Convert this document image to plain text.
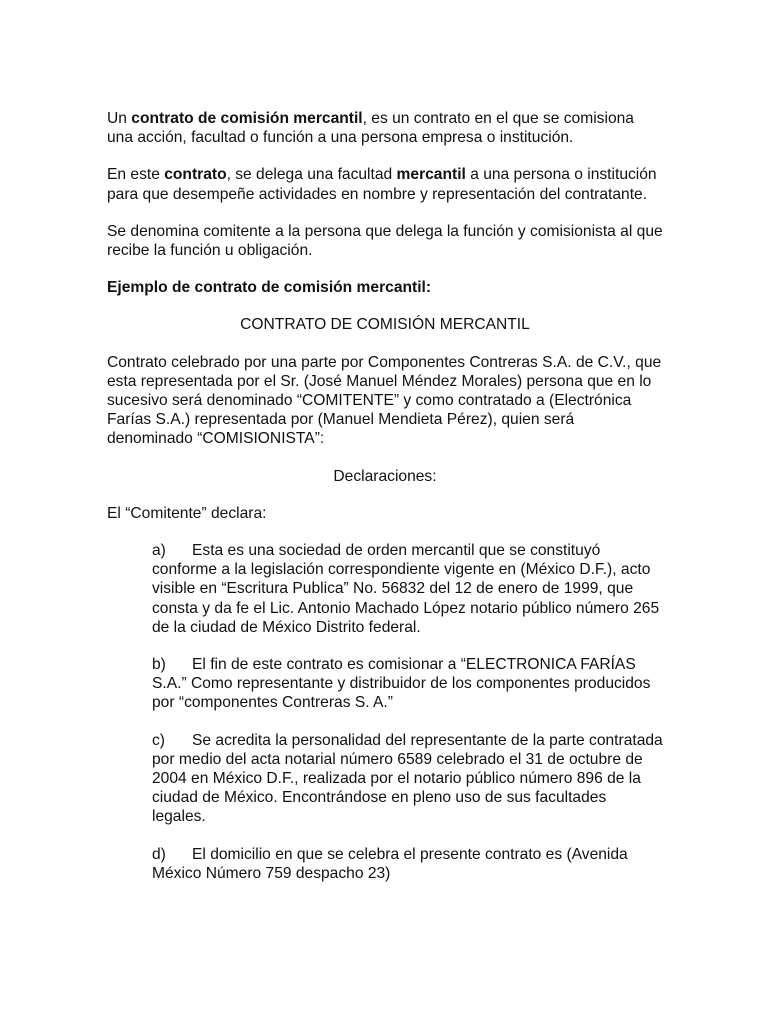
Un contrato de comisión mercantil, es un contrato en el que se comisiona una acción, facultad o función a una persona empresa o institución.

En este contrato, se delega una facultad mercantil a una persona o institución para que desempeñe actividades en nombre y representación del contratante.

Se denomina comitente a la persona que delega la función y comisionista al que recibe la función u obligación.

Ejemplo de contrato de comisión mercantil:

CONTRATO DE COMISIÓN MERCANTIL

Contrato celebrado por una parte por Componentes Contreras S.A. de C.V., que esta representada por el Sr. (José Manuel Méndez Morales) persona que en lo sucesivo será denominado “COMITENTE” y como contratado a (Electrónica Farías S.A.) representada por (Manuel Mendieta Pérez), quien será denominado “COMISIONISTA”:

Declaraciones:

El “Comitente” declara:

a) Esta es una sociedad de orden mercantil que se constituyó conforme a la legislación correspondiente vigente en (México D.F.), acto visible en “Escritura Publica” No. 56832 del 12 de enero de 1999, que consta y da fe el Lic. Antonio Machado López notario público número 265 de la ciudad de México Distrito federal.
b) El fin de este contrato es comisionar a “ELECTRONICA FARÍAS S.A.” Como representante y distribuidor de los componentes producidos por “componentes Contreras S. A.”
c) Se acredita la personalidad del representante de la parte contratada por medio del acta notarial número 6589 celebrado el 31 de octubre de 2004 en México D.F., realizada por el notario público número 896 de la ciudad de México. Encontrándose en pleno uso de sus facultades legales.
d) El domicilio en que se celebra el presente contrato es (Avenida México Número 759 despacho 23)
